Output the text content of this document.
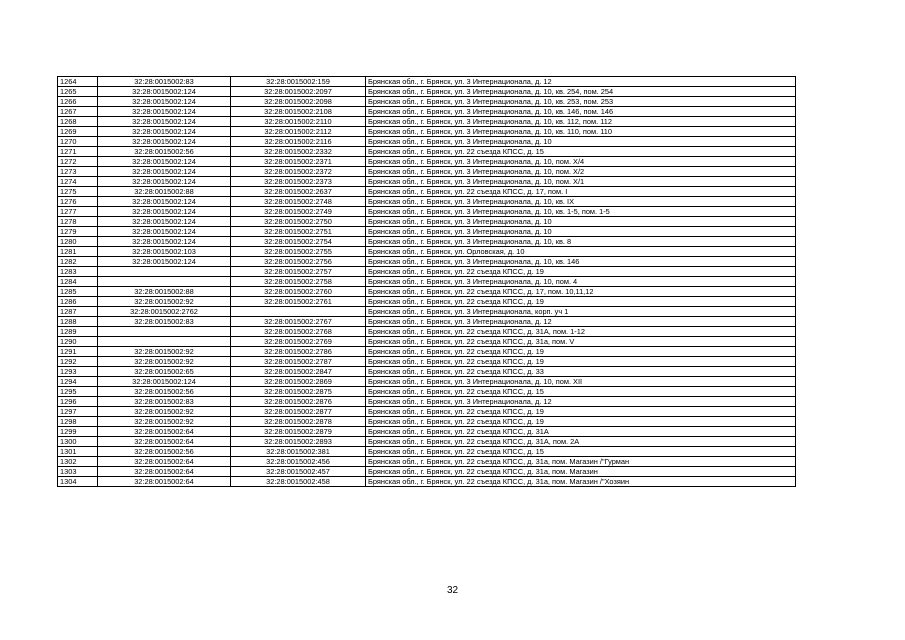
1264	32:28:0015002:83	32:28:0015002:159	Брянская обл., г. Брянск, ул. 3 Интернационала, д. 12
1265	32:28:0015002:124	32:28:0015002:2097	Брянская обл., г. Брянск, ул. 3 Интернационала, д. 10, кв. 254, пом. 254
1266	32:28:0015002:124	32:28:0015002:2098	Брянская обл., г. Брянск, ул. 3 Интернационала, д. 10, кв. 253, пом. 253
1267	32:28:0015002:124	32:28:0015002:2108	Брянская обл., г. Брянск, ул. 3 Интернационала, д. 10, кв. 146, пом. 146
1268	32:28:0015002:124	32:28:0015002:2110	Брянская обл., г. Брянск, ул. 3 Интернационала, д. 10, кв. 112, пом. 112
1269	32:28:0015002:124	32:28:0015002:2112	Брянская обл., г. Брянск, ул. 3 Интернационала, д. 10, кв. 110, пом. 110
1270	32:28:0015002:124	32:28:0015002:2116	Брянская обл., г. Брянск, ул. 3 Интернационала, д. 10
1271	32:28:0015002:56	32:28:0015002:2332	Брянская обл., г. Брянск, ул. 22 съезда КПСС, д. 15
1272	32:28:0015002:124	32:28:0015002:2371	Брянская обл., г. Брянск, ул. 3 Интернационала, д. 10, пом. X/4
1273	32:28:0015002:124	32:28:0015002:2372	Брянская обл., г. Брянск, ул. 3 Интернационала, д. 10, пом. X/2
1274	32:28:0015002:124	32:28:0015002:2373	Брянская обл., г. Брянск, ул. 3 Интернационала, д. 10, пом. X/1
1275	32:28:0015002:88	32:28:0015002:2637	Брянская обл., г. Брянск, ул. 22 съезда КПСС, д. 17, пом. I
1276	32:28:0015002:124	32:28:0015002:2748	Брянская обл., г. Брянск, ул. 3 Интернационала, д. 10, кв. IX
1277	32:28:0015002:124	32:28:0015002:2749	Брянская обл., г. Брянск, ул. 3 Интернационала, д. 10, кв. 1-5, пом. 1-5
1278	32:28:0015002:124	32:28:0015002:2750	Брянская обл., г. Брянск, ул. 3 Интернационала, д. 10
1279	32:28:0015002:124	32:28:0015002:2751	Брянская обл., г. Брянск, ул. 3 Интернационала, д. 10
1280	32:28:0015002:124	32:28:0015002:2754	Брянская обл., г. Брянск, ул. 3 Интернационала, д. 10, кв. 8
1281	32:28:0015002:103	32:28:0015002:2755	Брянская обл., г. Брянск, ул. Орловская, д. 10
1282	32:28:0015002:124	32:28:0015002:2756	Брянская обл., г. Брянск, ул. 3 Интернационала, д. 10, кв. 146
1283		32:28:0015002:2757	Брянская обл., г. Брянск, ул. 22 съезда КПСС, д. 19
1284		32:28:0015002:2758	Брянская обл., г. Брянск, ул. 3 Интернационала, д. 10, пом. 4
1285	32:28:0015002:88	32:28:0015002:2760	Брянская обл., г. Брянск, ул. 22 съезда КПСС, д. 17, пом. 10,11,12
1286	32:28:0015002:92	32:28:0015002:2761	Брянская обл., г. Брянск, ул. 22 съезда КПСС, д. 19
1287	32:28:0015002:2762		Брянская обл., г. Брянск, ул. 3 Интернационала, корп. уч 1
1288	32:28:0015002:83	32:28:0015002:2767	Брянская обл., г. Брянск, ул. 3 Интернационала, д. 12
1289		32:28:0015002:2768	Брянская обл., г. Брянск, ул. 22 съезда КПСС, д. 31А, пом. 1-12
1290		32:28:0015002:2769	Брянская обл., г. Брянск, ул. 22 съезда КПСС, д. 31а, пом. V
1291	32:28:0015002:92	32:28:0015002:2786	Брянская обл., г. Брянск, ул. 22 съезда КПСС, д. 19
1292	32:28:0015002:92	32:28:0015002:2787	Брянская обл., г. Брянск, ул. 22 съезда КПСС, д. 19
1293	32:28:0015002:65	32:28:0015002:2847	Брянская обл., г. Брянск, ул. 22 съезда КПСС, д. 33
1294	32:28:0015002:124	32:28:0015002:2869	Брянская обл., г. Брянск, ул. 3 Интернационала, д. 10, пом. XII
1295	32:28:0015002:56	32:28:0015002:2875	Брянская обл., г. Брянск, ул. 22 съезда КПСС, д. 15
1296	32:28:0015002:83	32:28:0015002:2876	Брянская обл., г. Брянск, ул. 3 Интернационала, д. 12
1297	32:28:0015002:92	32:28:0015002:2877	Брянская обл., г. Брянск, ул. 22 съезда КПСС, д. 19
1298	32:28:0015002:92	32:28:0015002:2878	Брянская обл., г. Брянск, ул. 22 съезда КПСС, д. 19
1299	32:28:0015002:64	32:28:0015002:2879	Брянская обл., г. Брянск, ул. 22 съезда КПСС, д. 31А
1300	32:28:0015002:64	32:28:0015002:2893	Брянская обл., г. Брянск, ул. 22 съезда КПСС, д. 31А, пом. 2А
1301	32:28:0015002:56	32:28:0015002:381	Брянская обл., г. Брянск, ул. 22 съезда КПСС, д. 15
1302	32:28:0015002:64	32:28:0015002:456	Брянская обл., г. Брянск, ул. 22 съезда КПСС, д. 31а, пом. Магазин /"Гурман
1303	32:28:0015002:64	32:28:0015002:457	Брянская обл., г. Брянск, ул. 22 съезда КПСС, д. 31а, пом. Магазин
1304	32:28:0015002:64	32:28:0015002:458	Брянская обл., г. Брянск, ул. 22 съезда КПСС, д. 31а, пом. Магазин /"Хозяин
32
